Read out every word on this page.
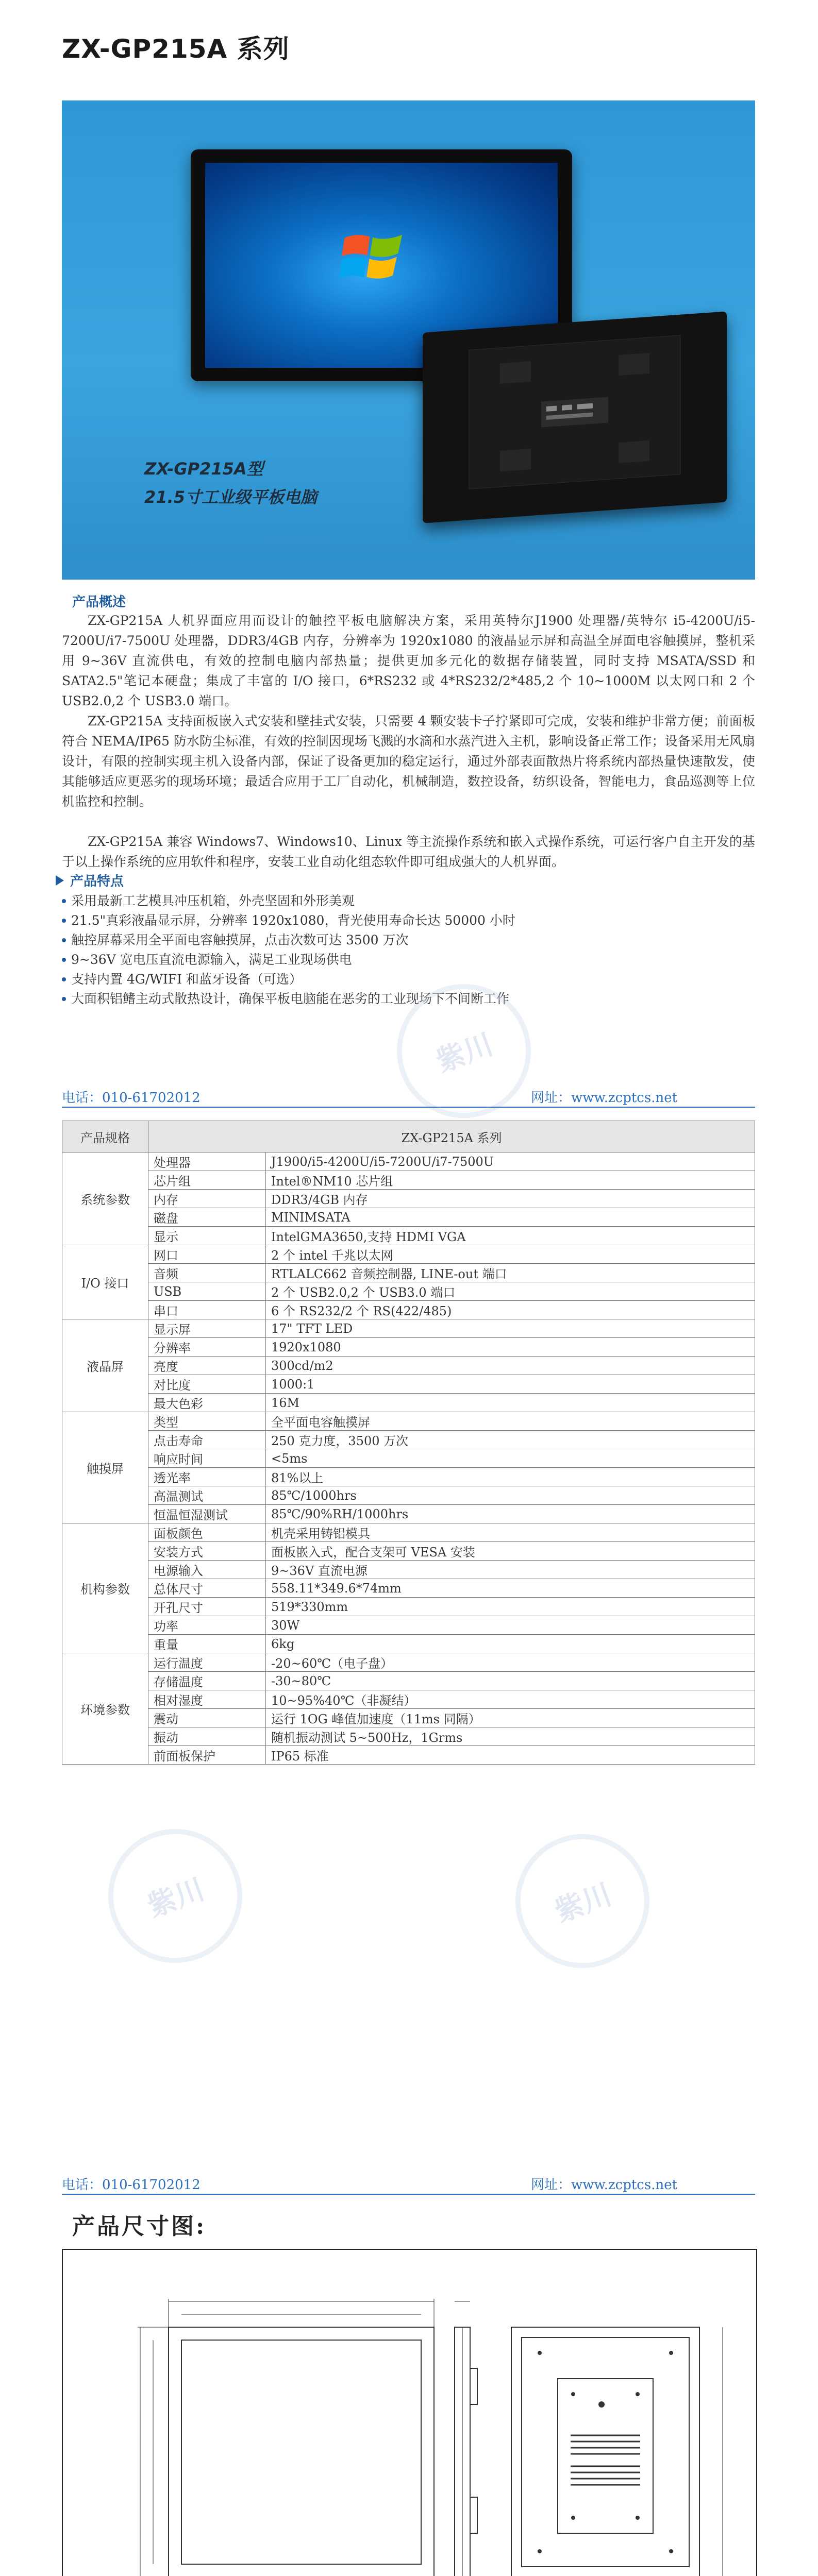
ZX-GP215A 系列
ZX-GP215A型
21.5寸工业级平板电脑
产品概述
ZX-GP215A 人机界面应用而设计的触控平板电脑解决方案，采用英特尔J1900 处理器/英特尔 i5-4200U/i5-7200U/i7-7500U 处理器，DDR3/4GB 内存，分辨率为 1920x1080 的液晶显示屏和高温全屏面电容触摸屏，整机采用 9~36V 直流供电，有效的控制电脑内部热量；提供更加多元化的数据存储装置，同时支持 MSATA/SSD 和 SATA2.5"笔记本硬盘；集成了丰富的 I/O 接口，6*RS232 或 4*RS232/2*485,2 个 10~1000M 以太网口和 2 个 USB2.0,2 个 USB3.0 端口。
ZX-GP215A 支持面板嵌入式安装和壁挂式安装，只需要 4 颗安装卡子拧紧即可完成，安装和维护非常方便；前面板符合 NEMA/IP65 防水防尘标准，有效的控制因现场飞溅的水滴和水蒸汽进入主机，影响设备正常工作；设备采用无风扇设计，有限的控制实现主机入设备内部，保证了设备更加的稳定运行，通过外部表面散热片将系统内部热量快速散发，使其能够适应更恶劣的现场环境；最适合应用于工厂自动化，机械制造，数控设备，纺织设备，智能电力，食品巡测等上位机监控和控制。
ZX-GP215A 兼容 Windows7、Windows10、Linux 等主流操作系统和嵌入式操作系统，可运行客户自主开发的基于以上操作系统的应用软件和程序，安装工业自动化组态软件即可组成强大的人机界面。
产品特点
采用最新工艺模具冲压机箱，外壳坚固和外形美观
21.5"真彩液晶显示屏，分辨率 1920x1080，背光使用寿命长达 50000 小时
触控屏幕采用全平面电容触摸屏，点击次数可达 3500 万次
9~36V 宽电压直流电源输入，满足工业现场供电
支持内置 4G/WIFI 和蓝牙设备（可选）
大面积铝鳍主动式散热设计，确保平板电脑能在恶劣的工业现场下不间断工作
紫川
电话：010-61702012	网址：www.zcptcs.net
产品规格	ZX-GP215A 系列	
系统参数	处理器	J1900/i5-4200U/i5-7200U/i7-7500U
	芯片组	Intel®NM10 芯片组
	内存	DDR3/4GB 内存
	磁盘	MINIMSATA
	显示	IntelGMA3650,支持 HDMI VGA
I/O 接口	网口	2 个 intel 千兆以太网
	音频	RTLALC662 音频控制器, LINE-out 端口
	USB	2 个 USB2.0,2 个 USB3.0 端口
	串口	6 个 RS232/2 个 RS(422/485)
液晶屏	显示屏	17" TFT LED
	分辨率	1920x1080
	亮度	300cd/m2
	对比度	1000:1
	最大色彩	16M
触摸屏	类型	全平面电容触摸屏
	点击寿命	250 克力度，3500 万次
	响应时间	<5ms
	透光率	81%以上
	高温测试	85℃/1000hrs
	恒温恒湿测试	85℃/90%RH/1000hrs
机构参数	面板颜色	机壳采用铸铝模具
	安装方式	面板嵌入式，配合支架可 VESA 安装
	电源输入	9~36V 直流电源
	总体尺寸	558.11*349.6*74mm
	开孔尺寸	519*330mm
	功率	30W
	重量	6kg
环境参数	运行温度	-20~60℃（电子盘）
	存储温度	-30~80℃
	相对湿度	10~95%40℃（非凝结）
	震动	运行 1OG 峰值加速度（11ms 同隔）
	振动	随机振动测试 5~500Hz，1Grms
	前面板保护	IP65 标准
紫川	紫川
电话：010-61702012	网址：www.zcptcs.net
产品尺寸图:
